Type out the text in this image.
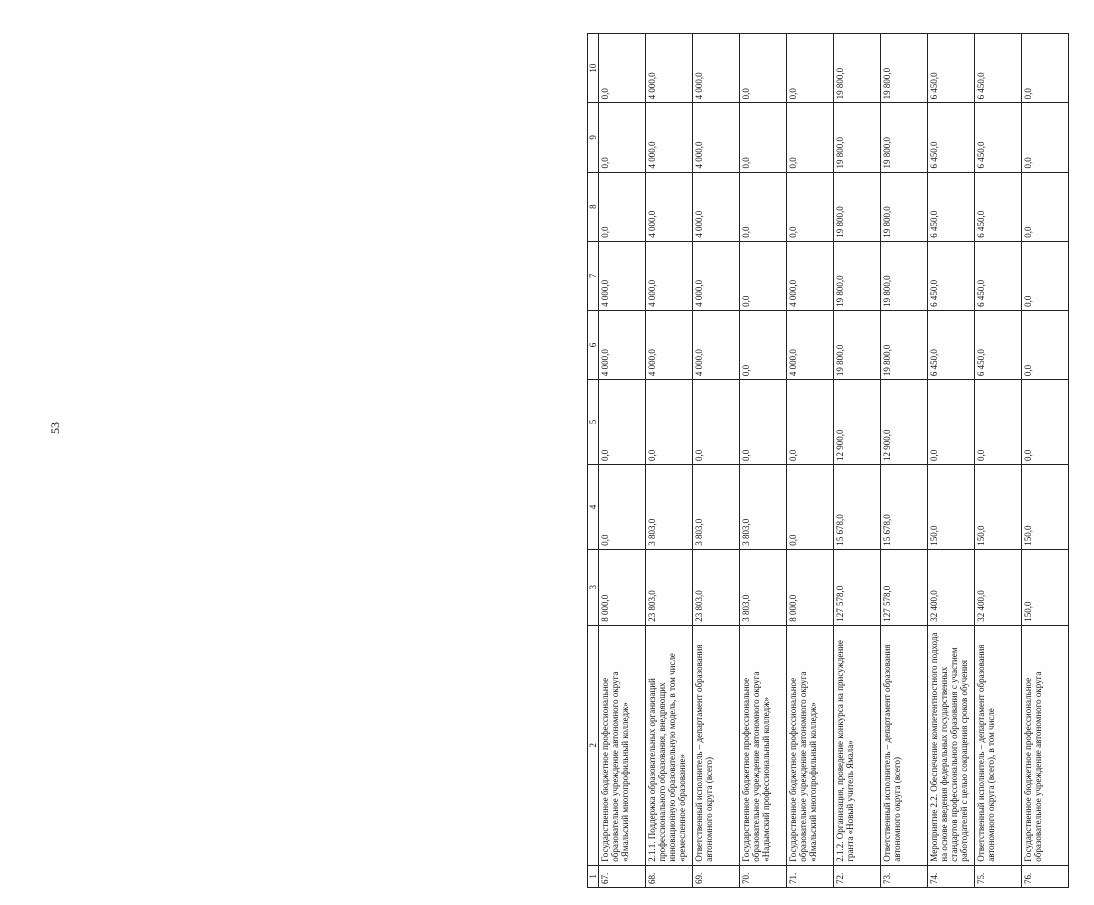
53
1	2	3	4	5	6	7	8	9	10
67.	Государственное бюджетное профессиональное образовательное учреждение автономного округа «Ямальский многопрофильный колледж»	8 000,0	0,0	0,0	4 000,0	4 000,0	0,0	0,0	0,0
68.	2.1.1. Поддержка образовательных организаций профессионального образования, внедряющих инновационную образовательную модель, в том числе «ремесленное образование»	23 803,0	3 803,0	0,0	4 000,0	4 000,0	4 000,0	4 000,0	4 000,0
69.	Ответственный исполнитель – департамент образования автономного округа (всего)	23 803,0	3 803,0	0,0	4 000,0	4 000,0	4 000,0	4 000,0	4 000,0
70.	Государственное бюджетное профессиональное образовательное учреждение автономного округа «Надымский профессиональный колледж»	3 803,0	3 803,0	0,0	0,0	0,0	0,0	0,0	0,0
71.	Государственное бюджетное профессиональное образовательное учреждение автономного округа «Ямальский многопрофильный колледж»	8 000,0	0,0	0,0	4 000,0	4 000,0	0,0	0,0	0,0
72.	2.1.2. Организация, проведение конкурса на присуждение гранта «Новый учитель Ямала»	127 578,0	15 678,0	12 900,0	19 800,0	19 800,0	19 800,0	19 800,0	19 800,0
73.	Ответственный исполнитель – департамент образования автономного округа (всего)	127 578,0	15 678,0	12 900,0	19 800,0	19 800,0	19 800,0	19 800,0	19 800,0
74.	Мероприятие 2.2. Обеспечение компетентностного подхода на основе введения федеральных государственных стандартов профессионального образования с участием работодателей с целью сокращения сроков обучения	32 400,0	150,0	0,0	6 450,0	6 450,0	6 450,0	6 450,0	6 450,0
75.	Ответственный исполнитель – департамент образования автономного округа (всего), в том числе	32 400,0	150,0	0,0	6 450,0	6 450,0	6 450,0	6 450,0	6 450,0
76.	Государственное бюджетное профессиональное образовательное учреждение автономного округа	150,0	150,0	0,0	0,0	0,0	0,0	0,0	0,0
